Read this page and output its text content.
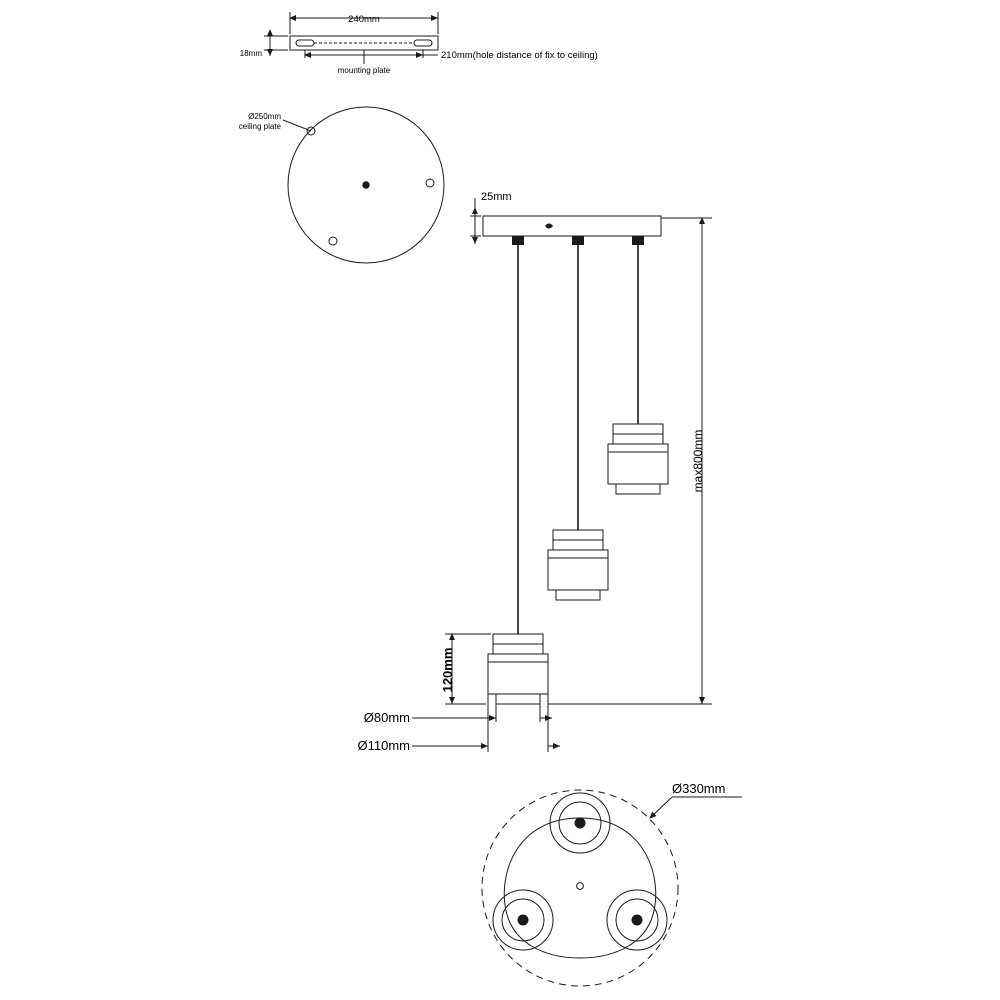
240mm
18mm	210mm(hole distance of fix to ceiling)
mounting plate
Ø250mm
ceiling plate
25mm
120mm
Ø80mm
Ø110mm
max800mm
Ø330mm
